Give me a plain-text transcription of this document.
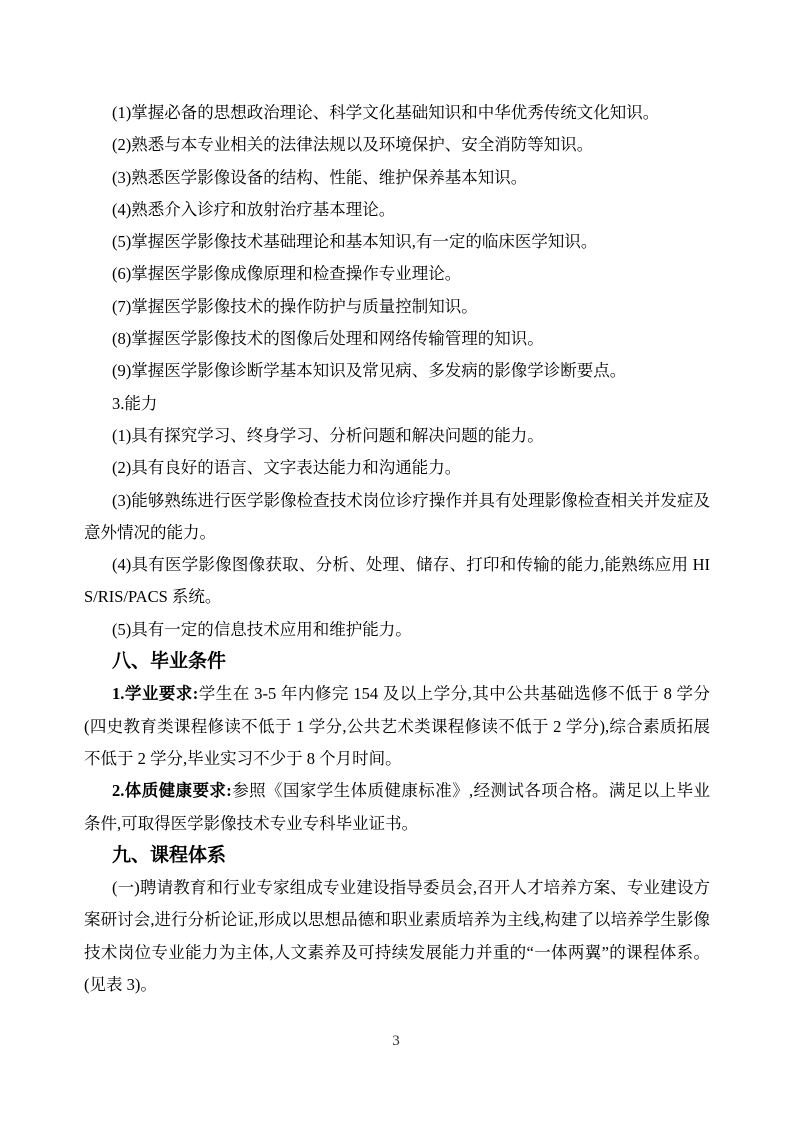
(1)掌握必备的思想政治理论、科学文化基础知识和中华优秀传统文化知识。

(2)熟悉与本专业相关的法律法规以及环境保护、安全消防等知识。

(3)熟悉医学影像设备的结构、性能、维护保养基本知识。

(4)熟悉介入诊疗和放射治疗基本理论。

(5)掌握医学影像技术基础理论和基本知识,有一定的临床医学知识。

(6)掌握医学影像成像原理和检查操作专业理论。

(7)掌握医学影像技术的操作防护与质量控制知识。

(8)掌握医学影像技术的图像后处理和网络传输管理的知识。

(9)掌握医学影像诊断学基本知识及常见病、多发病的影像学诊断要点。

3.能力

(1)具有探究学习、终身学习、分析问题和解决问题的能力。

(2)具有良好的语言、文字表达能力和沟通能力。

(3)能够熟练进行医学影像检查技术岗位诊疗操作并具有处理影像检查相关并发症及意外情况的能力。

(4)具有医学影像图像获取、分析、处理、储存、打印和传输的能力,能熟练应用 HIS/RIS/PACS 系统。

(5)具有一定的信息技术应用和维护能力。

八、毕业条件

1.学业要求:学生在 3-5 年内修完 154 及以上学分,其中公共基础选修不低于 8 学分(四史教育类课程修读不低于 1 学分,公共艺术类课程修读不低于 2 学分),综合素质拓展不低于 2 学分,毕业实习不少于 8 个月时间。

2.体质健康要求:参照《国家学生体质健康标准》,经测试各项合格。满足以上毕业条件,可取得医学影像技术专业专科毕业证书。

九、课程体系

(一)聘请教育和行业专家组成专业建设指导委员会,召开人才培养方案、专业建设方案研讨会,进行分析论证,形成以思想品德和职业素质培养为主线,构建了以培养学生影像技术岗位专业能力为主体,人文素养及可持续发展能力并重的“一体两翼”的课程体系。(见表 3)。

3
